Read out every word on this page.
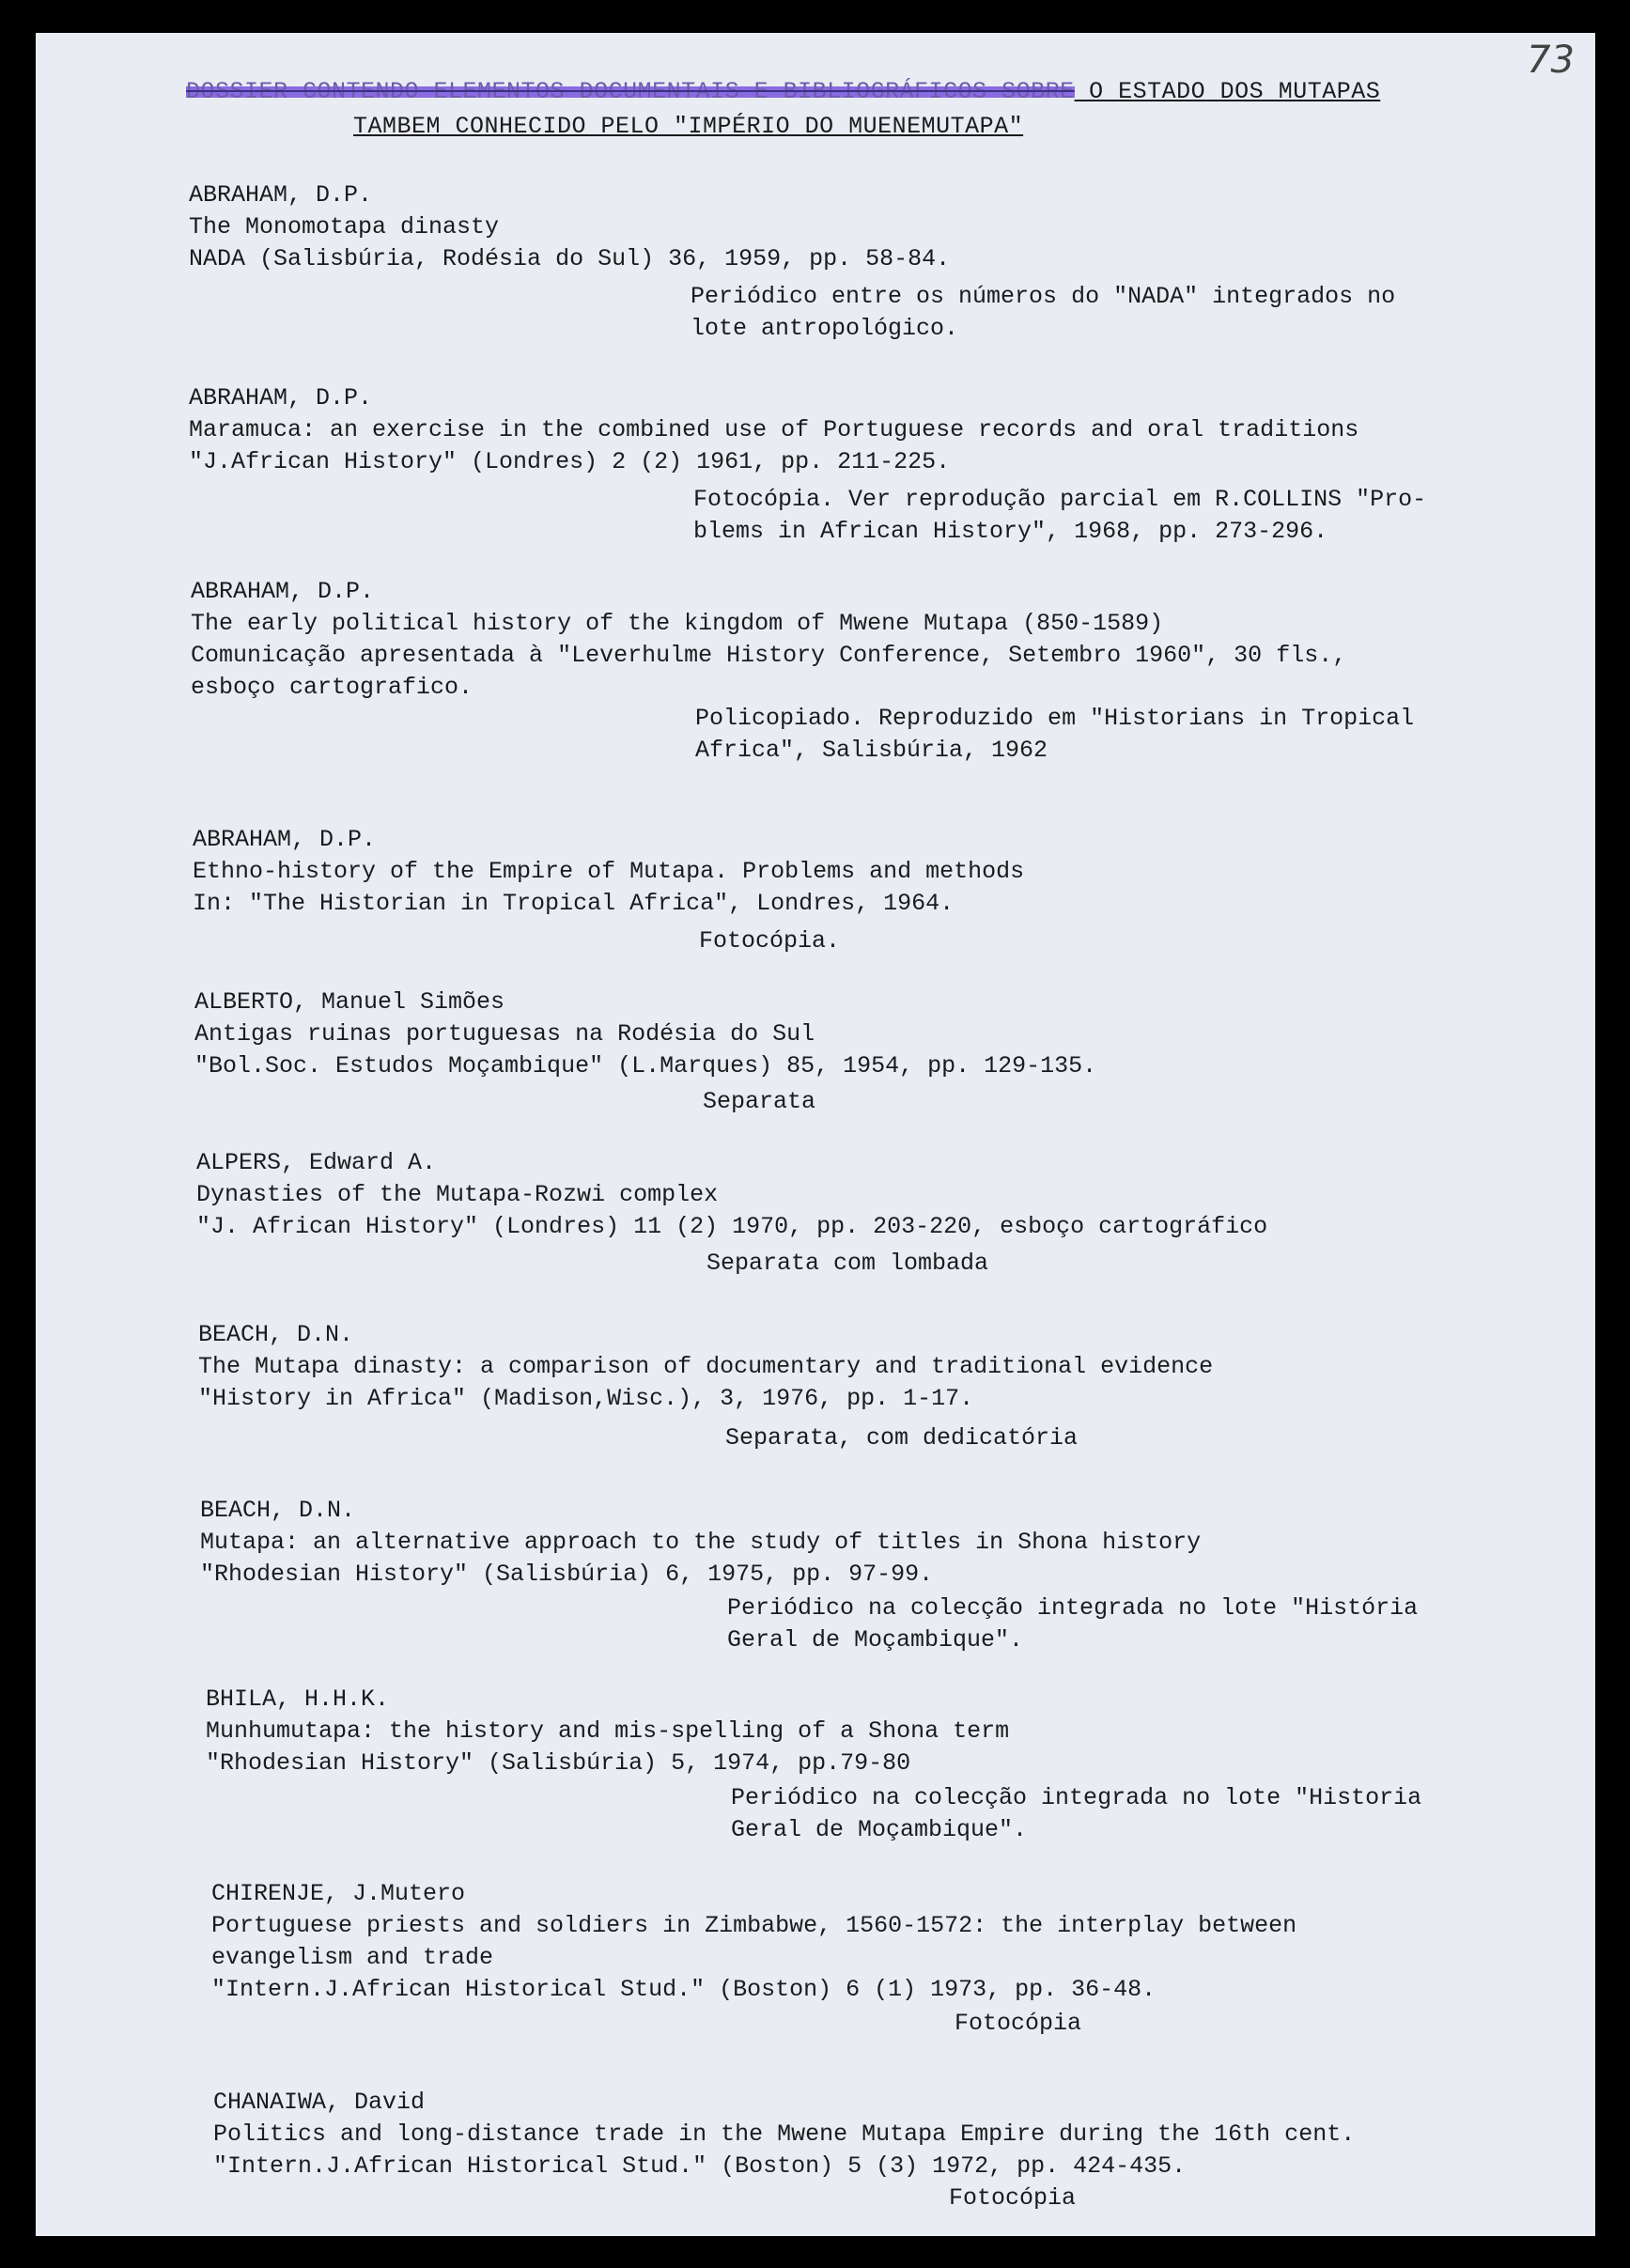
73
DOSSIER CONTENDO ELEMENTOS DOCUMENTAIS E BIBLIOGRÁFICOS SOBRE O ESTADO DOS MUTAPAS
TAMBEM CONHECIDO PELO "IMPÉRIO DO MUENEMUTAPA"
ABRAHAM, D.P.
The Monomotapa dinasty
NADA (Salisbúria, Rodésia do Sul) 36, 1959, pp. 58-84.
Periódico entre os números do "NADA" integrados no
lote antropológico.
ABRAHAM, D.P.
Maramuca: an exercise in the combined use of Portuguese records and oral traditions
"J.African History" (Londres) 2 (2) 1961, pp. 211-225.
Fotocópia. Ver reprodução parcial em R.COLLINS "Pro-
blems in African History", 1968, pp. 273-296.
ABRAHAM, D.P.
The early political history of the kingdom of Mwene Mutapa (850-1589)
Comunicação apresentada à "Leverhulme History Conference, Setembro 1960", 30 fls.,
esboço cartografico.
Policopiado. Reproduzido em "Historians in Tropical
Africa", Salisbúria, 1962
ABRAHAM, D.P.
Ethno-history of the Empire of Mutapa. Problems and methods
In: "The Historian in Tropical Africa", Londres, 1964.
Fotocópia.
ALBERTO, Manuel Simões
Antigas ruinas portuguesas na Rodésia do Sul
"Bol.Soc. Estudos Moçambique" (L.Marques) 85, 1954, pp. 129-135.
Separata
ALPERS, Edward A.
Dynasties of the Mutapa-Rozwi complex
"J. African History" (Londres) 11 (2) 1970, pp. 203-220, esboço cartográfico
Separata com lombada
BEACH, D.N.
The Mutapa dinasty: a comparison of documentary and traditional evidence
"History in Africa" (Madison,Wisc.), 3, 1976, pp. 1-17.
Separata, com dedicatória
BEACH, D.N.
Mutapa: an alternative approach to the study of titles in Shona history
"Rhodesian History" (Salisbúria) 6, 1975, pp. 97-99.
Periódico na colecção integrada no lote "História
Geral de Moçambique".
BHILA, H.H.K.
Munhumutapa: the history and mis-spelling of a Shona term
"Rhodesian History" (Salisbúria) 5, 1974, pp.79-80
Periódico na colecção integrada no lote "Historia
Geral de Moçambique".
CHIRENJE, J.Mutero
Portuguese priests and soldiers in Zimbabwe, 1560-1572: the interplay between
evangelism and trade
"Intern.J.African Historical Stud." (Boston) 6 (1) 1973, pp. 36-48.
Fotocópia
CHANAIWA, David
Politics and long-distance trade in the Mwene Mutapa Empire during the 16th cent.
"Intern.J.African Historical Stud." (Boston) 5 (3) 1972, pp. 424-435.
Fotocópia
